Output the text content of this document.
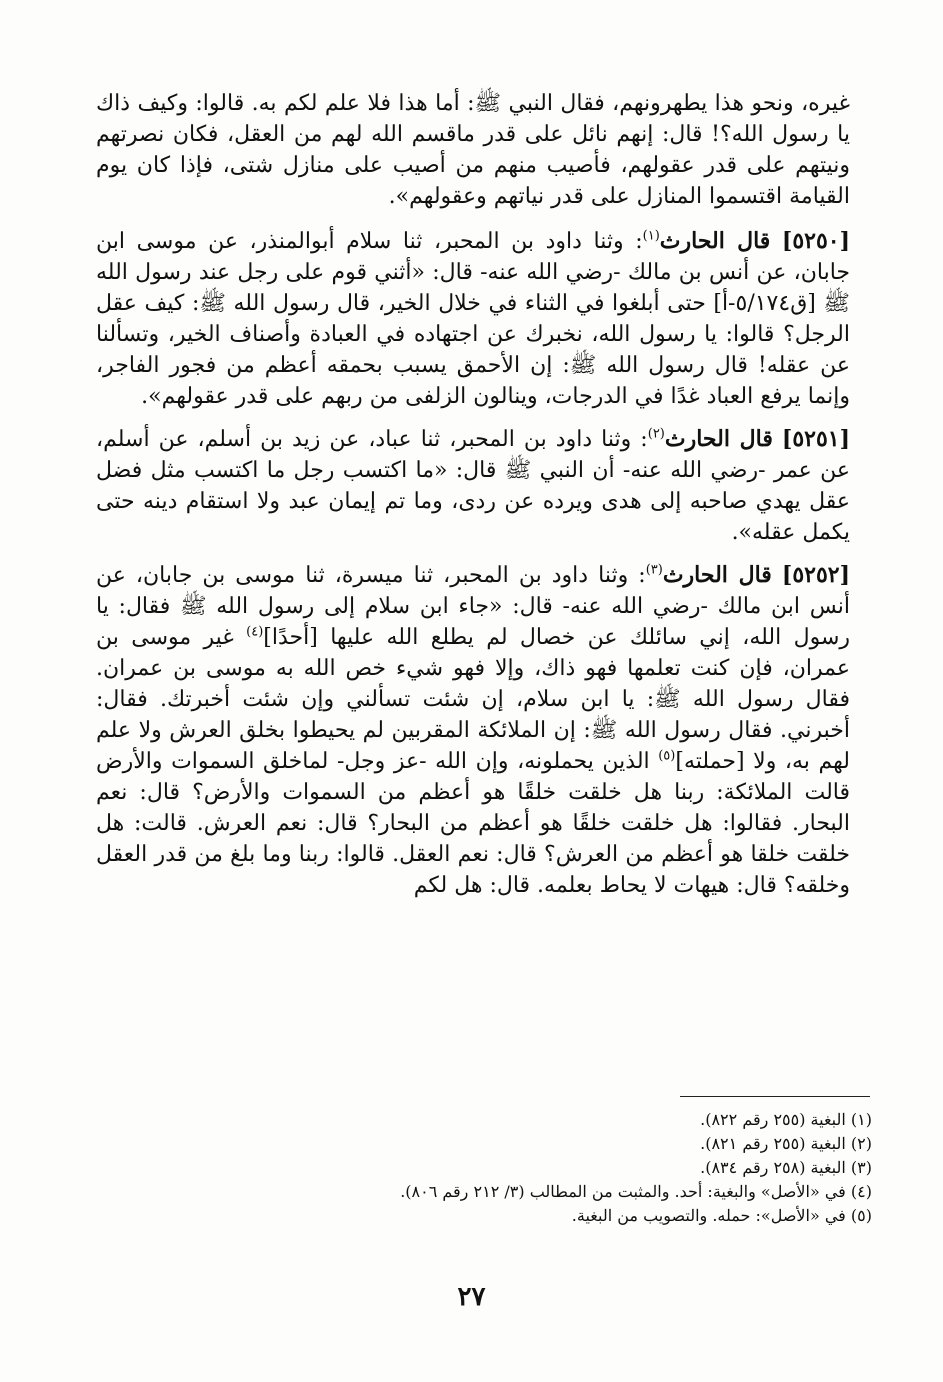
غيره، ونحو هذا يطهرونهم، فقال النبي ﷺ: أما هذا فلا علم لكم به. قالوا: وكيف ذاك يا رسول الله؟! قال: إنهم نائل على قدر ماقسم الله لهم من العقل، فكان نصرتهم ونيتهم على قدر عقولهم، فأصيب منهم من أصيب على منازل شتى، فإذا كان يوم القيامة اقتسموا المنازل على قدر نياتهم وعقولهم».

[٥٢٥٠] قال الحارث$^{(١)}$: وثنا داود بن المحبر، ثنا سلام أبوالمنذر، عن موسى ابن جابان، عن أنس بن مالك -رضي الله عنه- قال: «أثني قوم على رجل عند رسول الله ﷺ [ق٥/١٧٤-أ] حتى أبلغوا في الثناء في خلال الخير، قال رسول الله ﷺ: كيف عقل الرجل؟ قالوا: يا رسول الله، نخبرك عن اجتهاده في العبادة وأصناف الخير، وتسألنا عن عقله! قال رسول الله ﷺ: إن الأحمق يسبب بحمقه أعظم من فجور الفاجر، وإنما يرفع العباد غدًا في الدرجات، وينالون الزلفى من ربهم على قدر عقولهم».

[٥٢٥١] قال الحارث$^{(٢)}$: وثنا داود بن المحبر، ثنا عباد، عن زيد بن أسلم، عن أسلم، عن عمر -رضي الله عنه- أن النبي ﷺ قال: «ما اكتسب رجل ما اكتسب مثل فضل عقل يهدي صاحبه إلى هدى ويرده عن ردى، وما تم إيمان عبد ولا استقام دينه حتى يكمل عقله».

[٥٢٥٢] قال الحارث$^{(٣)}$: وثنا داود بن المحبر، ثنا ميسرة، ثنا موسى بن جابان، عن أنس ابن مالك -رضي الله عنه- قال: «جاء ابن سلام إلى رسول الله ﷺ فقال: يا رسول الله، إني سائلك عن خصال لم يطلع الله عليها [أحدًا]$^{(٤)}$ غير موسى بن عمران، فإن كنت تعلمها فهو ذاك، وإلا فهو شيء خص الله به موسى بن عمران. فقال رسول الله ﷺ: يا ابن سلام، إن شئت تسألني وإن شئت أخبرتك. فقال: أخبرني. فقال رسول الله ﷺ: إن الملائكة المقربين لم يحيطوا بخلق العرش ولا علم لهم به، ولا [حملته]$^{(٥)}$ الذين يحملونه، وإن الله -عز وجل- لماخلق السموات والأرض قالت الملائكة: ربنا هل خلقت خلقًا هو أعظم من السموات والأرض؟ قال: نعم البحار. فقالوا: هل خلقت خلقًا هو أعظم من البحار؟ قال: نعم العرش. قالت: هل خلقت خلقا هو أعظم من العرش؟ قال: نعم العقل. قالوا: ربنا وما بلغ من قدر العقل وخلقه؟ قال: هيهات لا يحاط بعلمه. قال: هل لكم

(١) البغية (٢٥٥ رقم ٨٢٢).
(٢) البغية (٢٥٥ رقم ٨٢١).
(٣) البغية (٢٥٨ رقم ٨٣٤).
(٤) في «الأصل» والبغية: أحد. والمثبت من المطالب (٣/ ٢١٢ رقم ٨٠٦).
(٥) في «الأصل»: حمله. والتصويب من البغية.
٢٧
